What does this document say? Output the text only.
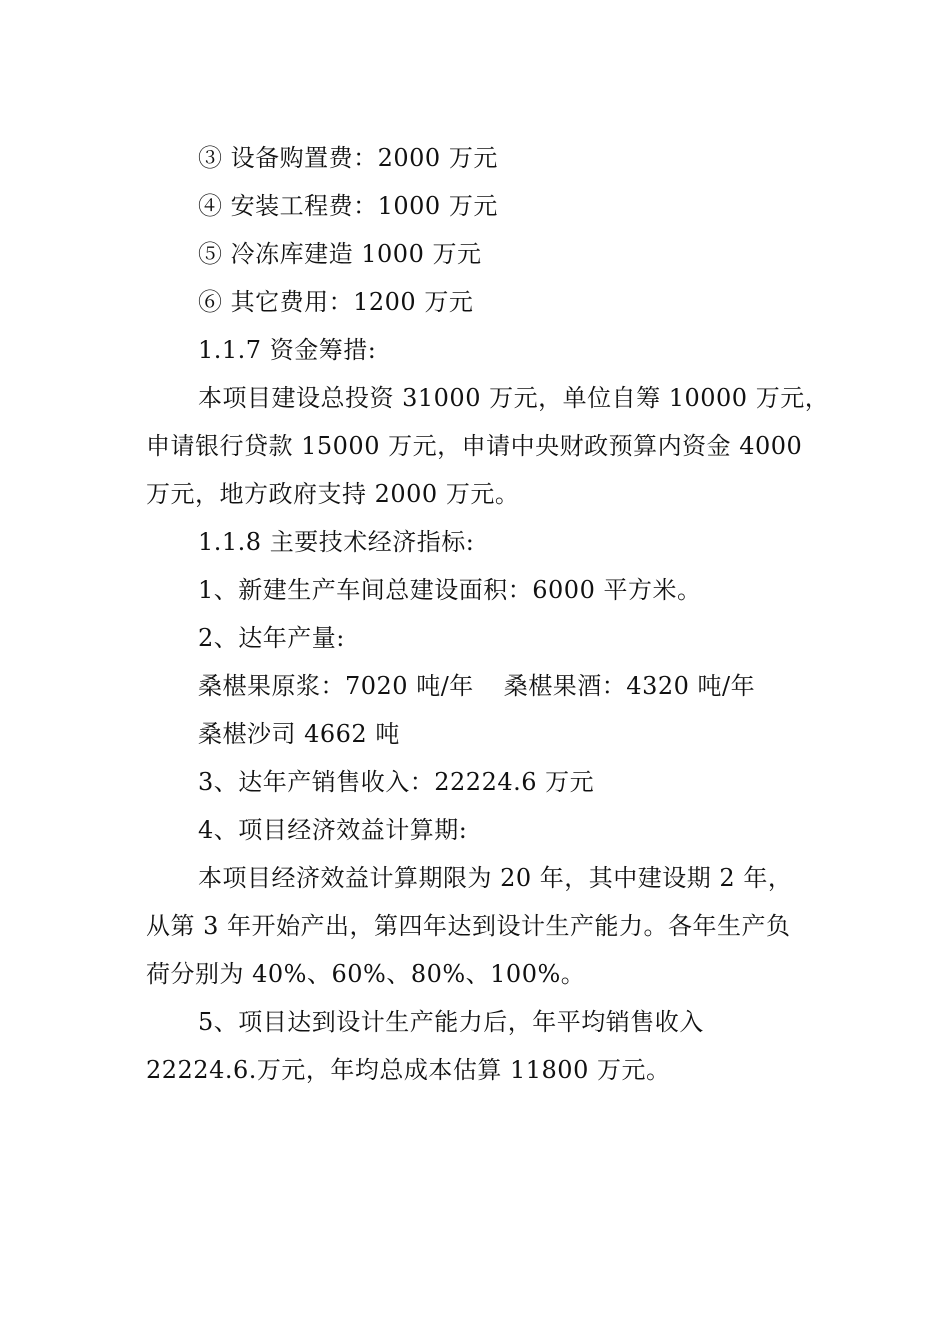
③ 设备购置费：2000 万元
④ 安装工程费：1000 万元
⑤ 冷冻库建造 1000 万元
⑥ 其它费用：1200 万元
1.1.7 资金筹措:
本项目建设总投资 31000 万元，单位自筹 10000 万元，
申请银行贷款 15000 万元，申请中央财政预算内资金 4000
万元，地方政府支持 2000 万元。
1.1.8 主要技术经济指标:
1、新建生产车间总建设面积：6000 平方米。
2、达年产量:
桑椹果原浆：7020 吨/年 桑椹果酒：4320 吨/年
桑椹沙司 4662 吨
3、达年产销售收入：22224.6 万元
4、项目经济效益计算期:
本项目经济效益计算期限为 20 年，其中建设期 2 年，
从第 3 年开始产出，第四年达到设计生产能力。各年生产负
荷分别为 40%、60%、80%、100%。
5、项目达到设计生产能力后，年平均销售收入
22224.6.万元，年均总成本估算 11800 万元。
